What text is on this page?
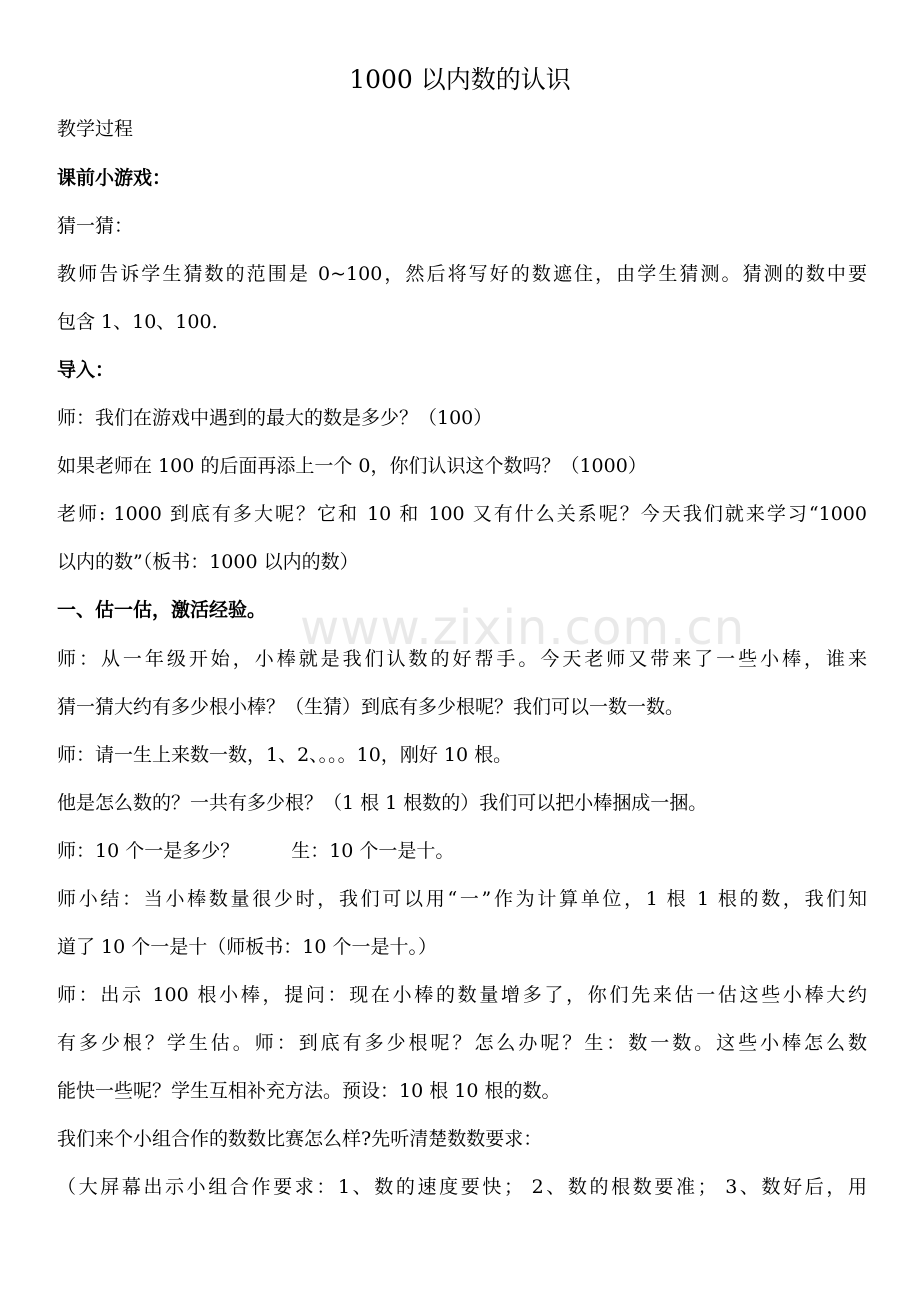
www.zixin.com.cn
1000 以内数的认识
教学过程
课前小游戏：
猜一猜：
教师告诉学生猜数的范围是 0~100，然后将写好的数遮住，由学生猜测。猜测的数中要
包含 1、10、100.
导入：
师：我们在游戏中遇到的最大的数是多少？（100）
如果老师在 100 的后面再添上一个 0，你们认识这个数吗？（1000）
老师: 1000 到底有多大呢？它和 10 和 100 又有什么关系呢？今天我们就来学习“1000
以内的数”（板书：1000 以内的数）
一、估一估，激活经验。
师：从一年级开始，小棒就是我们认数的好帮手。今天老师又带来了一些小棒，谁来
猜一猜大约有多少根小棒？（生猜）到底有多少根呢？我们可以一数一数。
师：请一生上来数一数，1、2、。。。10，刚好 10 根。
他是怎么数的？一共有多少根？（1 根 1 根数的）我们可以把小棒捆成一捆。
师：10 个一是多少？	生：10 个一是十。
师小结：当小棒数量很少时，我们可以用“一”作为计算单位，1 根 1 根的数，我们知
道了 10 个一是十（师板书：10 个一是十。）
师：出示 100 根小棒，提问：现在小棒的数量增多了，你们先来估一估这些小棒大约
有多少根？学生估。师：到底有多少根呢？怎么办呢？生：数一数。这些小棒怎么数
能快一些呢？学生互相补充方法。预设：10 根 10 根的数。
我们来个小组合作的数数比赛怎么样?先听清楚数数要求：
（大屏幕出示小组合作要求：1、数的速度要快； 2、数的根数要准； 3、数好后，用
